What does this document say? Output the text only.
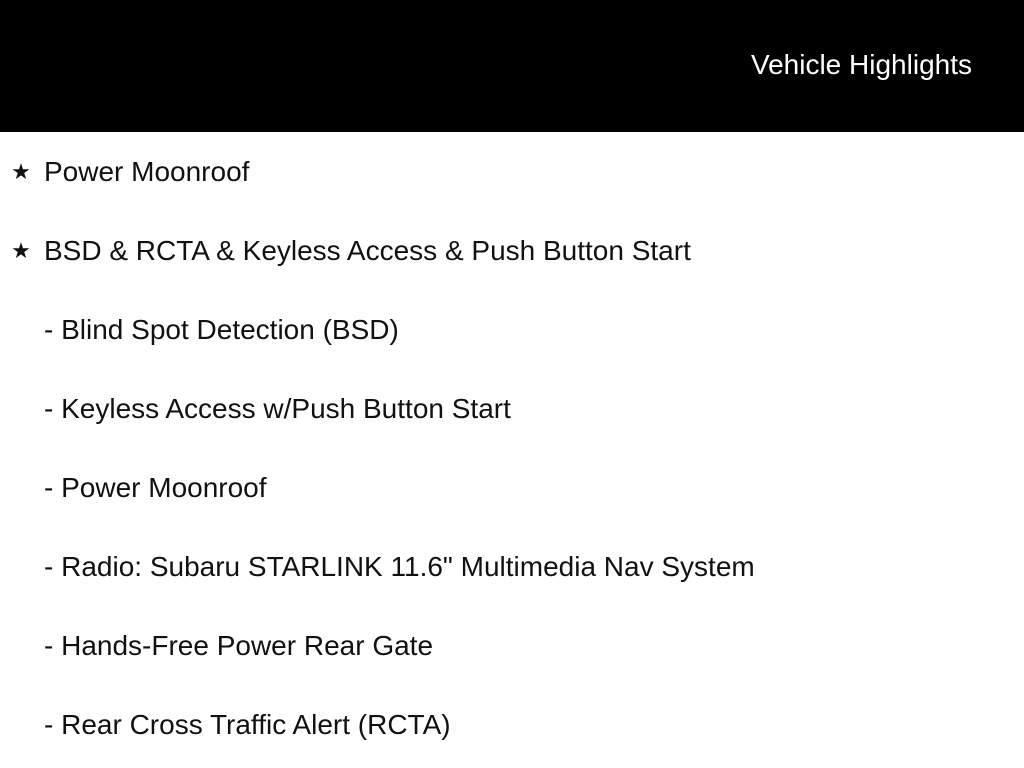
Vehicle Highlights
★ Power Moonroof
★ BSD & RCTA & Keyless Access & Push Button Start
- Blind Spot Detection (BSD)
- Keyless Access w/Push Button Start
- Power Moonroof
- Radio: Subaru STARLINK 11.6" Multimedia Nav System
- Hands-Free Power Rear Gate
- Rear Cross Traffic Alert (RCTA)
